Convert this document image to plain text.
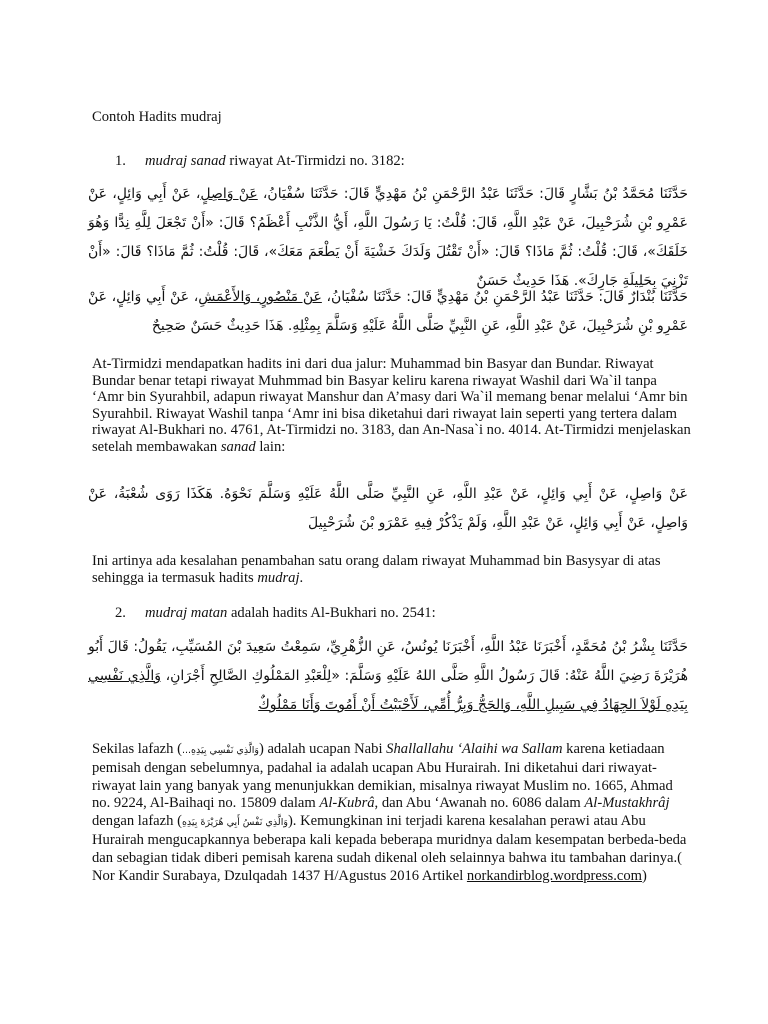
Contoh Hadits mudraj
1. mudraj sanad riwayat At-Tirmidzi no. 3182:
حَدَّثَنَا مُحَمَّدُ بْنُ بَشَّارٍ قَالَ: حَدَّثَنَا عَبْدُ الرَّحْمَنِ بْنُ مَهْدِيٍّ قَالَ: حَدَّثَنَا سُفْيَانُ، عَنْ وَاصِلٍ، عَنْ أَبِي وَائِلٍ، عَنْ عَمْرِو بْنِ شُرَحْبِيلَ، عَنْ عَبْدِ اللَّهِ، قَالَ: قُلْتُ: يَا رَسُولَ اللَّهِ، أَيُّ الذَّنْبِ أَعْظَمُ؟ قَالَ: «أَنْ تَجْعَلَ لِلَّهِ نِدًّا وَهُوَ خَلَقَكَ»، قَالَ: قُلْتُ: ثُمَّ مَاذَا؟ قَالَ: «أَنْ تَقْتُلَ وَلَدَكَ خَشْيَةَ أَنْ يَطْعَمَ مَعَكَ»، قَالَ: قُلْتُ: ثُمَّ مَاذَا؟ قَالَ: «أَنْ تَزْنِيَ بِحَلِيلَةِ جَارِكَ». هَذَا حَدِيثٌ حَسَنٌ
حَدَّثَنَا بُنْدَارٌ قَالَ: حَدَّثَنَا عَبْدُ الرَّحْمَنِ بْنُ مَهْدِيٍّ قَالَ: حَدَّثَنَا سُفْيَانُ، عَنْ مَنْصُورٍ، وَالأَعْمَشِ، عَنْ أَبِي وَائِلٍ، عَنْ عَمْرِو بْنِ شُرَحْبِيلَ، عَنْ عَبْدِ اللَّهِ، عَنِ النَّبِيِّ صَلَّى اللَّهُ عَلَيْهِ وَسَلَّمَ بِمِثْلِهِ. هَذَا حَدِيثٌ حَسَنٌ صَحِيحٌ
At-Tirmidzi mendapatkan hadits ini dari dua jalur: Muhammad bin Basyar dan Bundar. Riwayat Bundar benar tetapi riwayat Muhmmad bin Basyar keliru karena riwayat Washil dari Wa`il tanpa ‘Amr bin Syurahbil, adapun riwayat Manshur dan A’masy dari Wa`il memang benar melalui ‘Amr bin Syurahbil. Riwayat Washil tanpa ‘Amr ini bisa diketahui dari riwayat lain seperti yang tertera dalam riwayat Al-Bukhari no. 4761, At-Tirmidzi no. 3183, dan An-Nasa`i no. 4014. At-Tirmidzi menjelaskan setelah membawakan sanad lain:
عَنْ وَاصِلٍ، عَنْ أَبِي وَائِلٍ، عَنْ عَبْدِ اللَّهِ، عَنِ النَّبِيِّ صَلَّى اللَّهُ عَلَيْهِ وَسَلَّمَ نَحْوَهُ. هَكَذَا رَوَى شُعْبَةُ، عَنْ وَاصِلٍ، عَنْ أَبِي وَائِلٍ، عَنْ عَبْدِ اللَّهِ، وَلَمْ يَذْكُرْ فِيهِ عَمْرَو بْنَ شُرَحْبِيلَ
Ini artinya ada kesalahan penambahan satu orang dalam riwayat Muhammad bin Basysyar di atas sehingga ia termasuk hadits mudraj.
2. mudraj matan adalah hadits Al-Bukhari no. 2541:
حَدَّثَنَا بِشْرُ بْنُ مُحَمَّدٍ، أَخْبَرَنَا عَبْدُ اللَّهِ، أَخْبَرَنَا يُونُسُ، عَنِ الزُّهْرِيِّ، سَمِعْتُ سَعِيدَ بْنَ المُسَيِّبِ، يَقُولُ: قَالَ أَبُو هُرَيْرَةَ رَضِيَ اللَّهُ عَنْهُ: قَالَ رَسُولُ اللَّهِ صَلَّى اللهُ عَلَيْهِ وَسَلَّمَ: «لِلْعَبْدِ المَمْلُوكِ الصَّالِحِ أَجْرَانِ، وَالَّذِي نَفْسِي بِيَدِهِ لَوْلاَ الجِهَادُ فِي سَبِيلِ اللَّهِ، وَالحَجُّ وَبِرُّ أُمِّي، لَأَحْبَبْتُ أَنْ أَمُوتَ وَأَنَا مَمْلُوكٌ
Sekilas lafazh (وَالَّذِي نَفْسِي بِيَدِهِ...) adalah ucapan Nabi Shallallahu ‘Alaihi wa Sallam karena ketiadaan pemisah dengan sebelumnya, padahal ia adalah ucapan Abu Hurairah. Ini diketahui dari riwayat-riwayat lain yang banyak yang menunjukkan demikian, misalnya riwayat Muslim no. 1665, Ahmad no. 9224, Al-Baihaqi no. 15809 dalam Al-Kubrâ, dan Abu ‘Awanah no. 6086 dalam Al-Mustakhrâj dengan lafazh (وَالَّذِي نَفْسُ أَبِي هُرَيْرَةَ بِيَدِهِ). Kemungkinan ini terjadi karena kesalahan perawi atau Abu Hurairah mengucapkannya beberapa kali kepada beberapa muridnya dalam kesempatan berbeda-beda dan sebagian tidak diberi pemisah karena sudah dikenal oleh selainnya bahwa itu tambahan darinya.( Nor Kandir Surabaya, Dzulqadah 1437 H/Agustus 2016 Artikel norkandirblog.wordpress.com)
